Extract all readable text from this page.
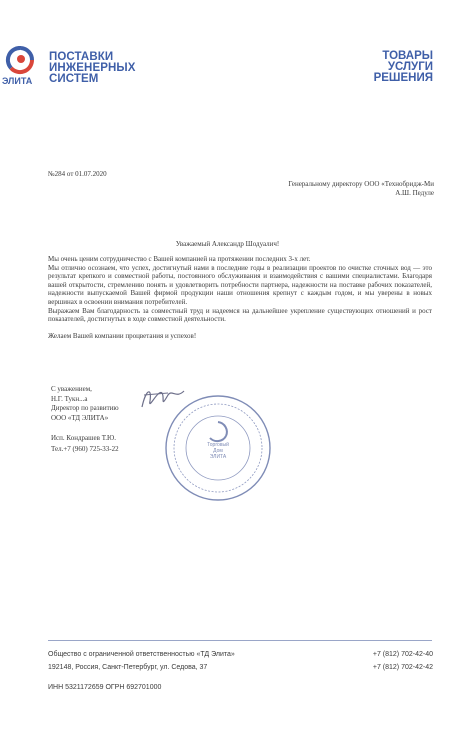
ЭЛИТА
ПОСТАВКИ
ИНЖЕНЕРНЫХ
СИСТЕМ
ТОВАРЫ
УСЛУГИ
РЕШЕНИЯ
№284 от 01.07.2020
Генеральному директору ООО «Технобридж-Ми
А.Ш. Педуле
Уважаемый Александр Шодуалич!
Мы очень ценим сотрудничество с Вашей компанией на протяжении последних 3-х лет.
Мы отлично осознаем, что успех, достигнутый нами в последние годы в реализации проектов по очистке сточных вод — это результат крепкого и совместной работы, постоянного обслуживания и взаимодействия с вашими специалистами. Благодаря вашей открытости, стремлению понять и удовлетворить потребности партнера, надежности на поставке рабочих показателей, надежности выпускаемой Вашей фирмой продукции наши отношения крепнут с каждым годом, и мы уверены в новых вершинах в освоении внимания потребителей.
Выражаем Вам благодарность за совместный труд и надеемся на дальнейшее укрепление существующих отношений и рост показателей, достигнутых в ходе совместной деятельности.
Желаем Вашей компании процветания и успехов!
С уважением,
Н.Г. Тукн...а
Директор по развитию
ООО «ТД ЭЛИТА»
Исп. Кондрашев Т.Ю.
Тел.+7 (960) 725-33-22	Торговый
Дом
ЭЛИТА
Общество с ограниченной ответственностью «ТД Элита»
192148, Россия, Санкт-Петербург, ул. Седова, 37
+7 (812) 702-42-40
+7 (812) 702-42-42
ИНН 5321172659 ОГРН 692701000
